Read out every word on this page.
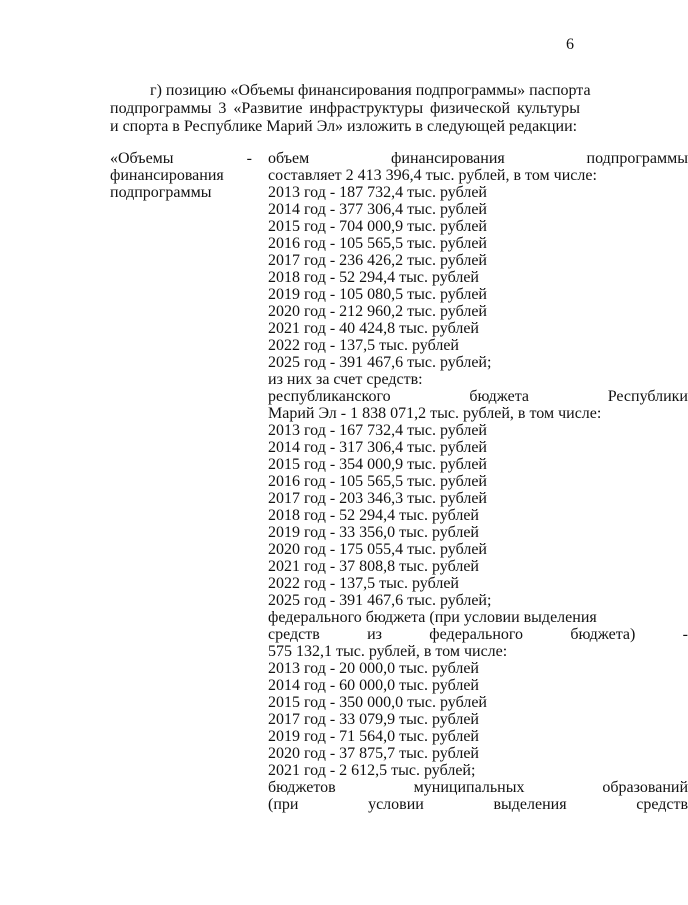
6
г) позицию «Объемы финансирования подпрограммы» паспорта
подпрограммы 3 «Развитие инфраструктуры физической культуры
и спорта в Республике Марий Эл» изложить в следующей редакции:
«Объемы	-
финансирования
подпрограммы
объем финансирования подпрограммы
составляет 2 413 396,4 тыс. рублей, в том числе:
2013 год - 187 732,4 тыс. рублей
2014 год - 377 306,4 тыс. рублей
2015 год - 704 000,9 тыс. рублей
2016 год - 105 565,5 тыс. рублей
2017 год - 236 426,2 тыс. рублей
2018 год - 52 294,4 тыс. рублей
2019 год - 105 080,5 тыс. рублей
2020 год - 212 960,2 тыс. рублей
2021 год - 40 424,8 тыс. рублей
2022 год - 137,5 тыс. рублей
2025 год - 391 467,6 тыс. рублей;
из них за счет средств:
республиканского бюджета Республики
Марий Эл - 1 838 071,2 тыс. рублей, в том числе:
2013 год - 167 732,4 тыс. рублей
2014 год - 317 306,4 тыс. рублей
2015 год - 354 000,9 тыс. рублей
2016 год - 105 565,5 тыс. рублей
2017 год - 203 346,3 тыс. рублей
2018 год - 52 294,4 тыс. рублей
2019 год - 33 356,0 тыс. рублей
2020 год - 175 055,4 тыс. рублей
2021 год - 37 808,8 тыс. рублей
2022 год - 137,5 тыс. рублей
2025 год - 391 467,6 тыс. рублей;
федерального бюджета (при условии выделения
средств из федерального бюджета) -
575 132,1 тыс. рублей, в том числе:
2013 год - 20 000,0 тыс. рублей
2014 год - 60 000,0 тыс. рублей
2015 год - 350 000,0 тыс. рублей
2017 год - 33 079,9 тыс. рублей
2019 год - 71 564,0 тыс. рублей
2020 год - 37 875,7 тыс. рублей
2021 год - 2 612,5 тыс. рублей;
бюджетов муниципальных образований
(при условии выделения средств
